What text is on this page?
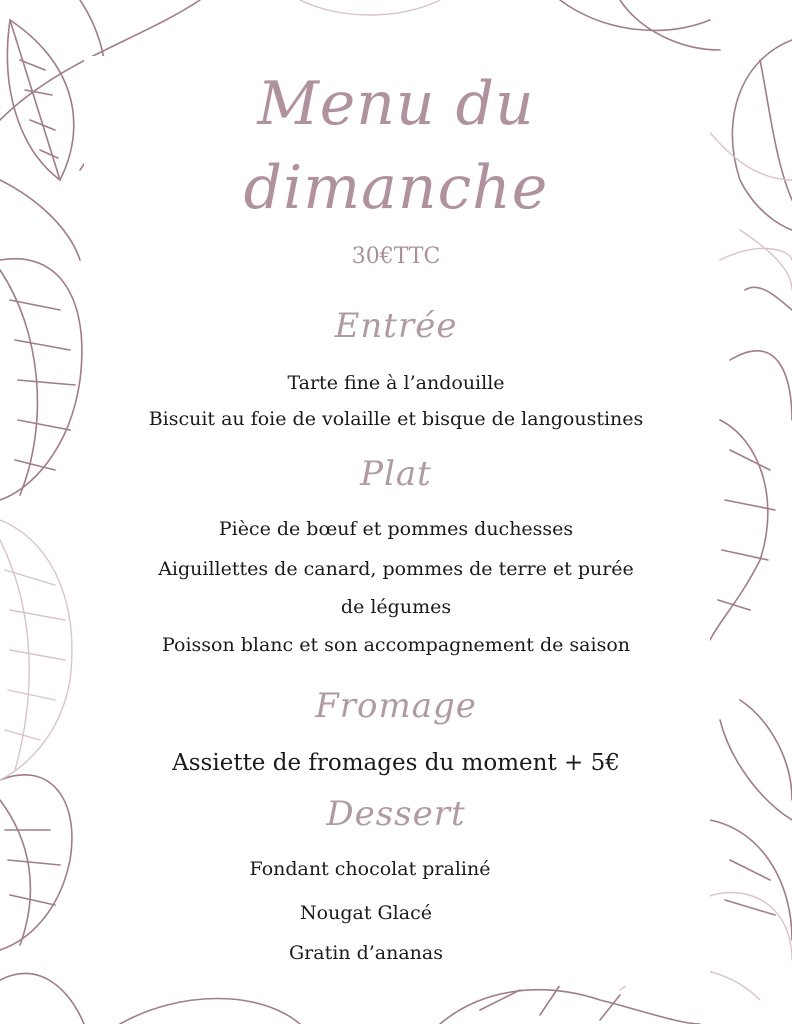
Menu du
dimanche
30€TTC
Entrée
Tarte fine à l’andouille
Biscuit au foie de volaille et bisque de langoustines
Plat
Pièce de bœuf et pommes duchesses
Aiguillettes de canard, pommes de terre et purée
de légumes
Poisson blanc et son accompagnement de saison
Fromage
Assiette de fromages du moment + 5€
Dessert
Fondant chocolat praliné
Nougat Glacé
Gratin d’ananas
